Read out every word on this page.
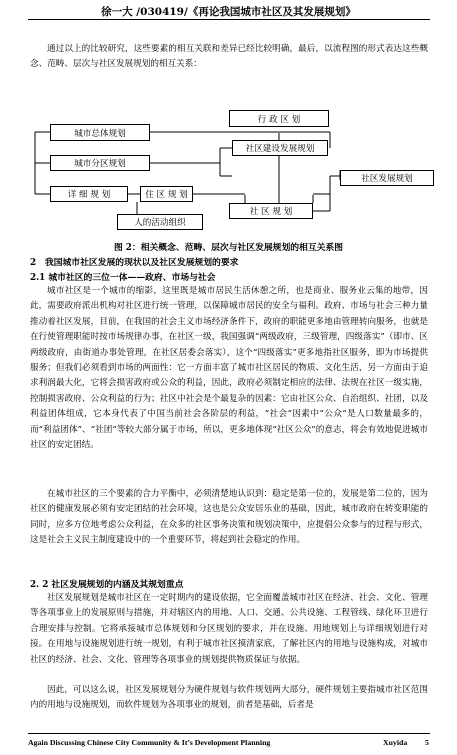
徐一大 /030419/《再论我国城市社区及其发展规划》
通过以上的比较研究，这些要素的相互关联和差异已经比较明确，最后，以流程图的形式表达这些概念、范畴、层次与社区发展规划的相互关系：
行 政 区 划
城市总体规划
社区建设发展规划
城市分区规划
社区发展规划
详 细 规 划	住 区 规 划
社 区 规 划
人的活动组织
图 2：相关概念、范畴、层次与社区发展规划的相互关系图
2　我国城市社区发展的现状以及社区发展规划的要求
2.1 城市社区的三位一体——政府、市场与社会
城市社区是一个城市的缩影，这里既是城市居民生活休憩之所，也是商业、服务业云集的地带，因此，需要政府派出机构对社区进行统一管理，以保障城市居民的安全与福利。政府、市场与社会三种力量推动着社区发展，目前，在我国的社会主义市场经济条件下，政府的职能更多地由管理转向服务，也就是在行使管理职能时按市场规律办事，在社区一级，我国强调“两级政府，三级管理，四级落实”（即市、区两级政府，由街道办事处管理，在社区居委会落实），这个“四级落实”更多地指社区服务，即为市场提供服务；但我们必须看到市场的两面性：它一方面丰富了城市社区居民的物质、文化生活，另一方面由于追求利润最大化，它将会损害政府或公众的利益，因此，政府必须制定相应的法律、法规在社区一级实施，控制损害政府、公众利益的行为；社区中社会是个最复杂的因素：它由社区公众、自治组织、社团，以及利益团体组成，它本身代表了中国当前社会各阶层的利益，“社会”因素中“公众”是人口数量最多的，而“利益团体”、“社团”等较大部分属于市场，所以，更多地体现“社区公众”的意志，将会有效地促进城市社区的安定团结。
在城市社区的三个要素的合力平衡中，必须清楚地认识到：稳定是第一位的，发展是第二位的，因为社区的健康发展必须有安定团结的社会环境，这也是公众安居乐业的基础，因此，城市政府在转变职能的同时，应多方位地考虑公众利益，在众多的社区事务决策和规划决策中，应提倡公众参与的过程与形式，这是社会主义民主制度建设中的一个重要环节，将起到社会稳定的作用。
2. 2 社区发展规划的内涵及其规划重点
社区发展规划是城市社区在一定时期内的建设依据，它全面覆盖城市社区在经济、社会、文化、管理等各项事业上的发展原则与措施，并对辖区内的用地、人口、交通、公共设施、工程管线、绿化环卫进行合理安排与控制。它将承接城市总体规划和分区规划的要求，并在设施、用地规划上与详细规划进行对接。在用地与设施规划进行统一规划，有利于城市社区摸清家底，了解社区内的用地与设施构成，对城市社区的经济、社会、文化、管理等各项事业的规划提供物质保证与依据。
因此，可以这么说，社区发展规划分为硬件规划与软件规划两大部分，硬件规划主要指城市社区范围内的用地与设施规划，而软件规划为各项事业的规划，前者是基础，后者是
Again Discussing Chinese City Community & It’s Development Planning	Xuyida 5
